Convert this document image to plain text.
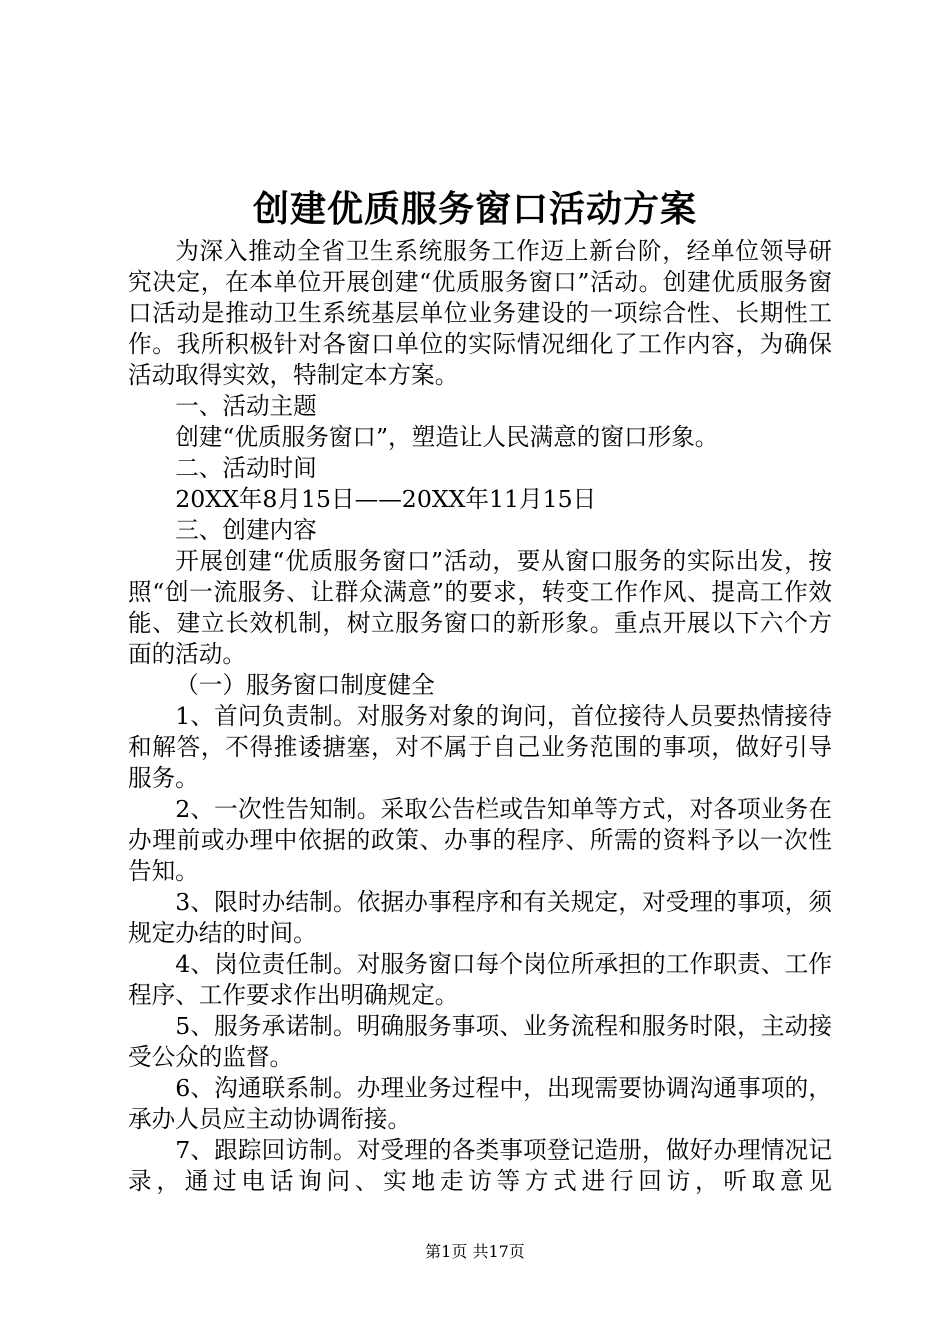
创建优质服务窗口活动方案

为深入推动全省卫生系统服务工作迈上新台阶，经单位领导研究决定，在本单位开展创建“优质服务窗口”活动。创建优质服务窗口活动是推动卫生系统基层单位业务建设的一项综合性、长期性工作。我所积极针对各窗口单位的实际情况细化了工作内容，为确保活动取得实效，特制定本方案。

一、活动主题

创建“优质服务窗口”，塑造让人民满意的窗口形象。

二、活动时间

20XX年8月15日——20XX年11月15日

三、创建内容

开展创建“优质服务窗口”活动，要从窗口服务的实际出发，按照“创一流服务、让群众满意”的要求，转变工作作风、提高工作效能、建立长效机制，树立服务窗口的新形象。重点开展以下六个方面的活动。

（一）服务窗口制度健全

1、首问负责制。对服务对象的询问，首位接待人员要热情接待和解答，不得推诿搪塞，对不属于自己业务范围的事项，做好引导服务。

2、一次性告知制。采取公告栏或告知单等方式，对各项业务在办理前或办理中依据的政策、办事的程序、所需的资料予以一次性告知。

3、限时办结制。依据办事程序和有关规定，对受理的事项，须规定办结的时间。

4、岗位责任制。对服务窗口每个岗位所承担的工作职责、工作程序、工作要求作出明确规定。

5、服务承诺制。明确服务事项、业务流程和服务时限，主动接受公众的监督。

6、沟通联系制。办理业务过程中，出现需要协调沟通事项的，承办人员应主动协调衔接。

7、跟踪回访制。对受理的各类事项登记造册，做好办理情况记录，通过电话询问、实地走访等方式进行回访，听取意见

第1页 共17页
